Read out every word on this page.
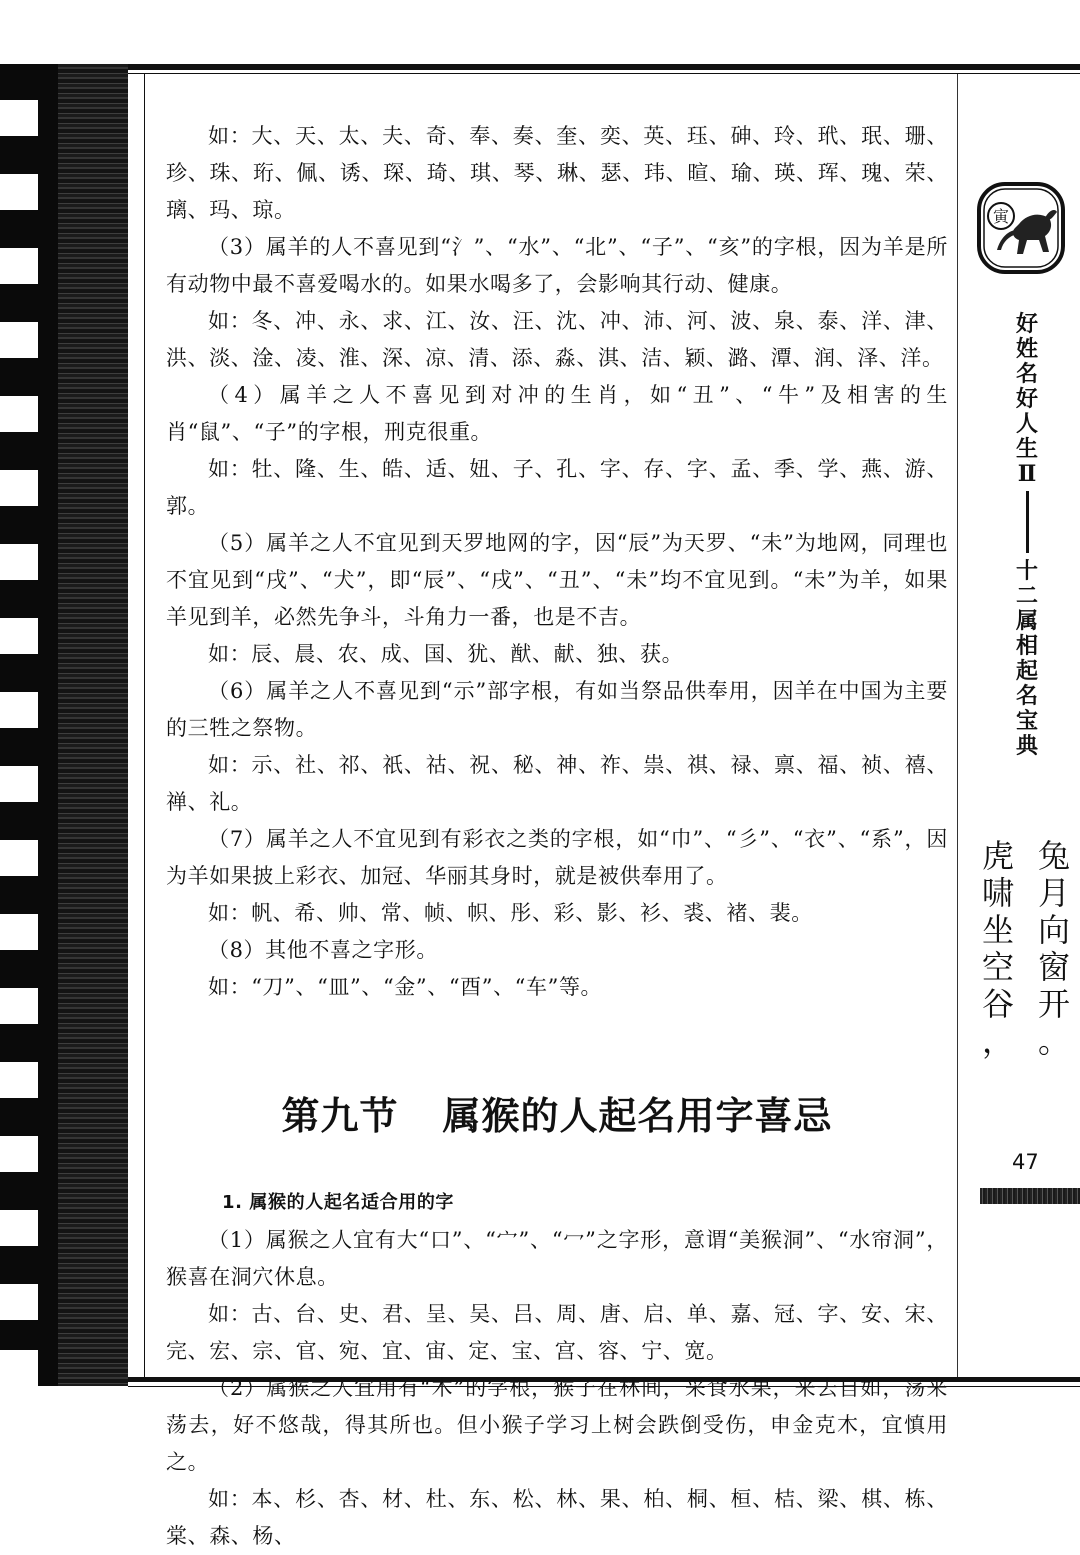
如：大、天、太、夫、奇、奉、奏、奎、奕、英、珏、砷、玲、玳、珉、珊、珍、珠、珩、佩、诱、琛、琦、琪、琴、琳、瑟、玮、暄、瑜、瑛、珲、瑰、荣、璃、玛、琼。

（3）属羊的人不喜见到“氵”、“水”、“北”、“子”、“亥”的字根，因为羊是所有动物中最不喜爱喝水的。如果水喝多了，会影响其行动、健康。

如：冬、冲、永、求、江、汝、汪、沈、冲、沛、河、波、泉、泰、洋、津、洪、淡、淦、凌、淮、深、凉、清、添、淼、淇、洁、颖、潞、潭、润、泽、洋。

（4）属羊之人不喜见到对冲的生肖，如“丑”、“牛”及相害的生肖“鼠”、“子”的字根，刑克很重。

如：牡、隆、生、皓、适、妞、子、孔、字、存、字、孟、季、学、燕、游、郭。

（5）属羊之人不宜见到天罗地网的字，因“辰”为天罗、“未”为地网，同理也不宜见到“戌”、“犬”，即“辰”、“戌”、“丑”、“未”均不宜见到。“未”为羊，如果羊见到羊，必然先争斗，斗角力一番，也是不吉。

如：辰、晨、农、成、国、犹、猷、献、独、获。

（6）属羊之人不喜见到“示”部字根，有如当祭品供奉用，因羊在中国为主要的三牲之祭物。

如：示、社、祁、祇、祜、祝、秘、神、祚、祟、祺、禄、禀、福、祯、禧、禅、礼。

（7）属羊之人不宜见到有彩衣之类的字根，如“巾”、“彡”、“衣”、“系”，因为羊如果披上彩衣、加冠、华丽其身时，就是被供奉用了。

如：帆、希、帅、常、帧、帜、彤、彩、影、衫、裘、褚、裴。

（8）其他不喜之字形。

如：“刀”、“皿”、“金”、“酉”、“车”等。

第九节 属猴的人起名用字喜忌
1. 属猴的人起名适合用的字

（1）属猴之人宜有大“口”、“宀”、“冖”之字形，意谓“美猴洞”、“水帘洞”，猴喜在洞穴休息。

如：古、台、史、君、呈、吴、吕、周、唐、启、单、嘉、冠、字、安、宋、完、宏、宗、官、宛、宜、宙、定、宝、宫、容、宁、宽。

（2）属猴之人宜用有“木”的字根，猴子在林间，采食水果，来去自如，荡来荡去，好不悠哉，得其所也。但小猴子学习上树会跌倒受伤，申金克木，宜慎用之。

如：本、杉、杏、材、杜、东、松、林、果、柏、桐、桓、桔、梁、棋、栋、棠、森、杨、

寅
好
姓
名
好
人
生
Ⅱ
十
二
属
相
起
名
宝
典
兔
月
向
窗
开
。
虎
啸
坐
空
谷
，
47
